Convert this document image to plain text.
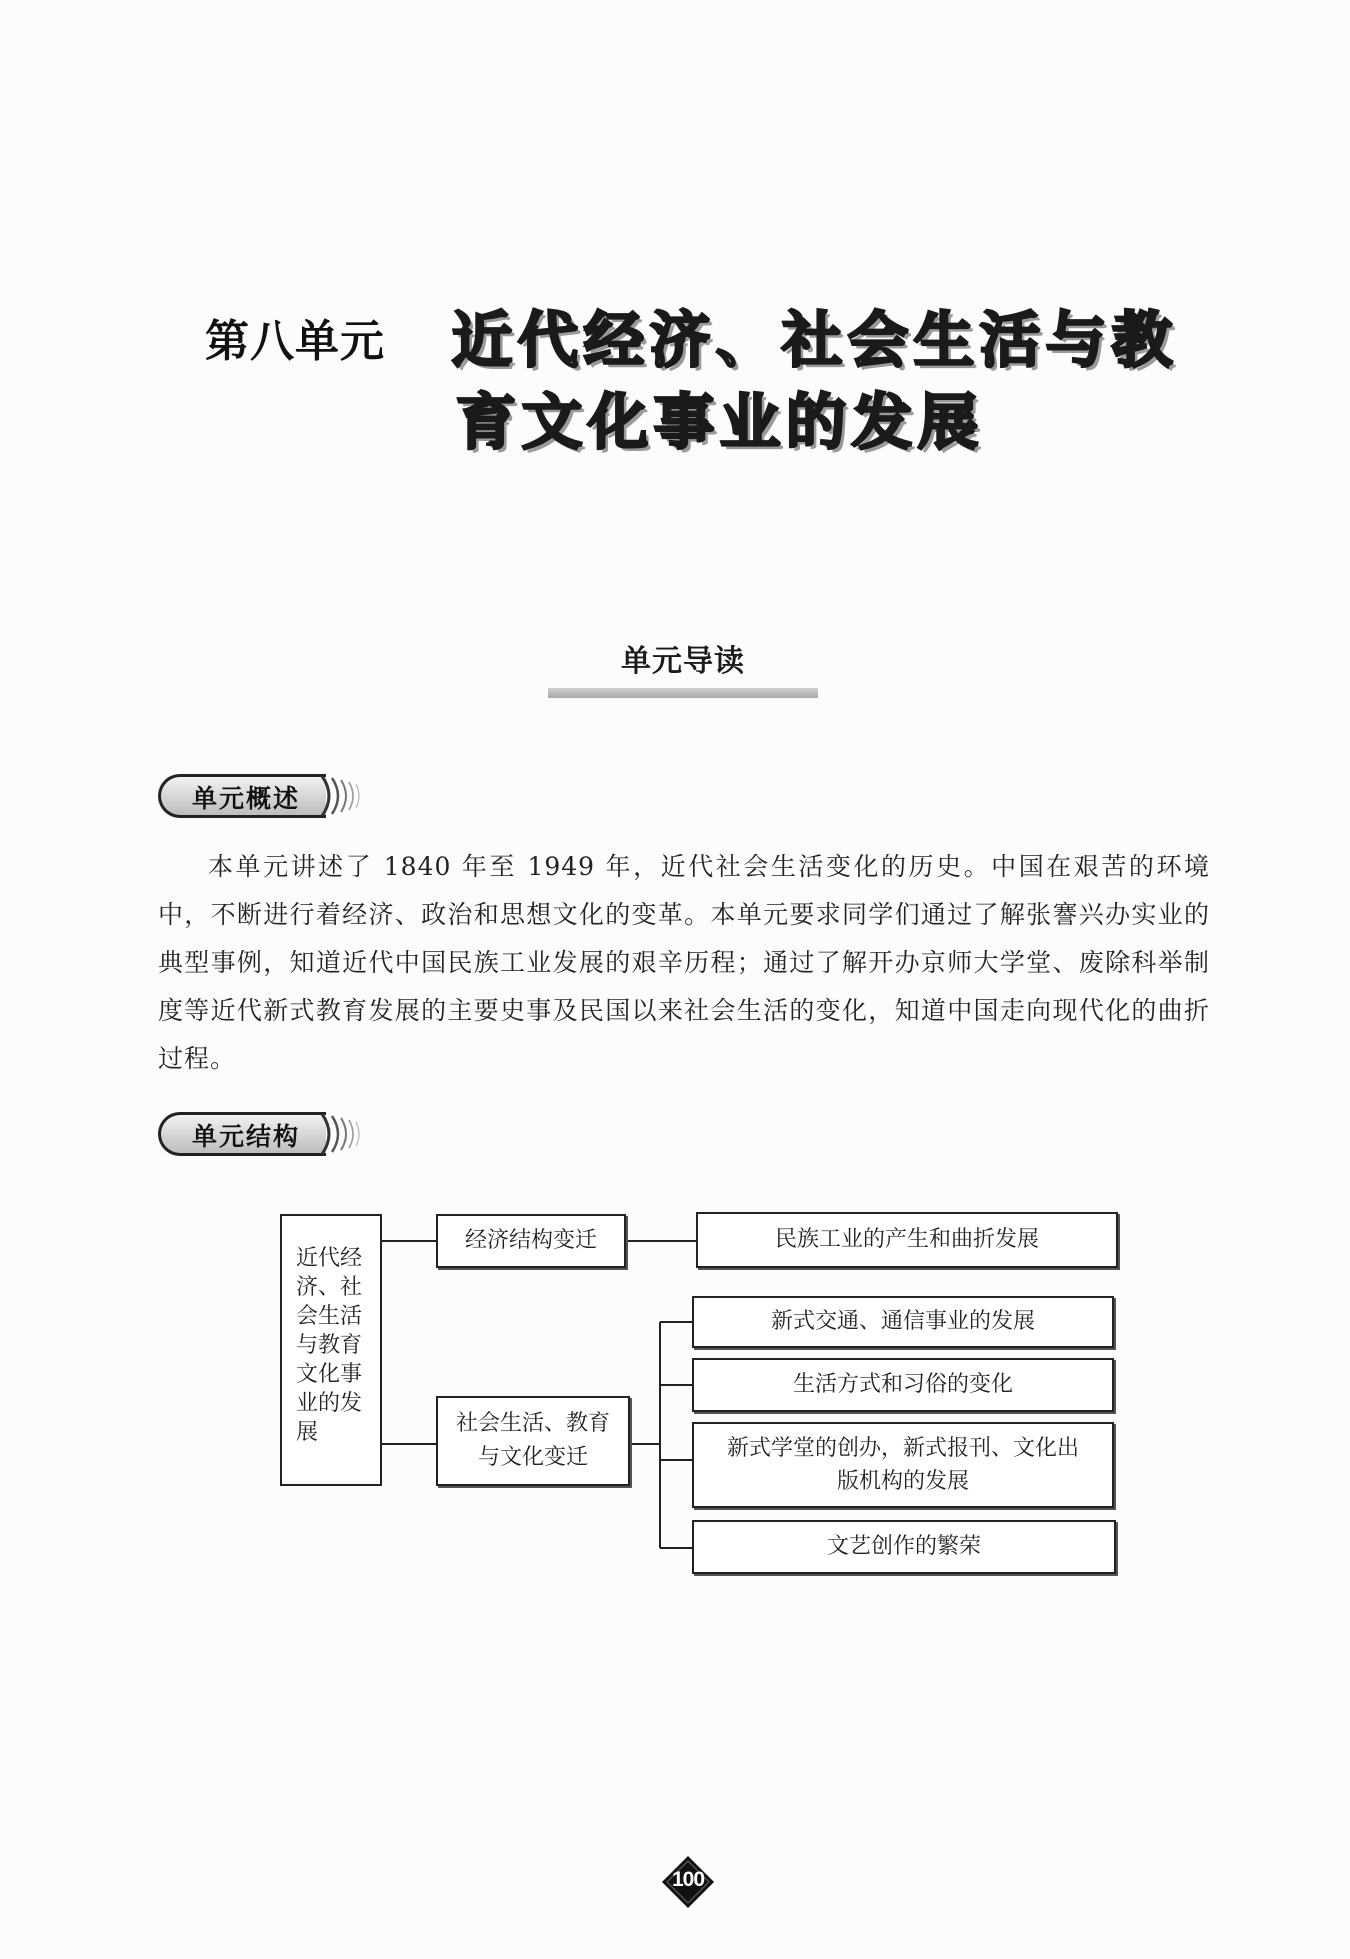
第八单元 近代经济、社会生活与教
育文化事业的发展
单元导读
单元概述
本单元讲述了 1840 年至 1949 年，近代社会生活变化的历史。中国在艰苦的环境中，不断进行着经济、政治和思想文化的变革。本单元要求同学们通过了解张謇兴办实业的典型事例，知道近代中国民族工业发展的艰辛历程；通过了解开办京师大学堂、废除科举制度等近代新式教育发展的主要史事及民国以来社会生活的变化，知道中国走向现代化的曲折过程。
单元结构
近代经
济、社
会生活
与教育
文化事
业的发
展
经济结构变迁	民族工业的产生和曲折发展
社会生活、教育
与文化变迁
新式交通、通信事业的发展
生活方式和习俗的变化
新式学堂的创办，新式报刊、文化出
版机构的发展
文艺创作的繁荣
100
